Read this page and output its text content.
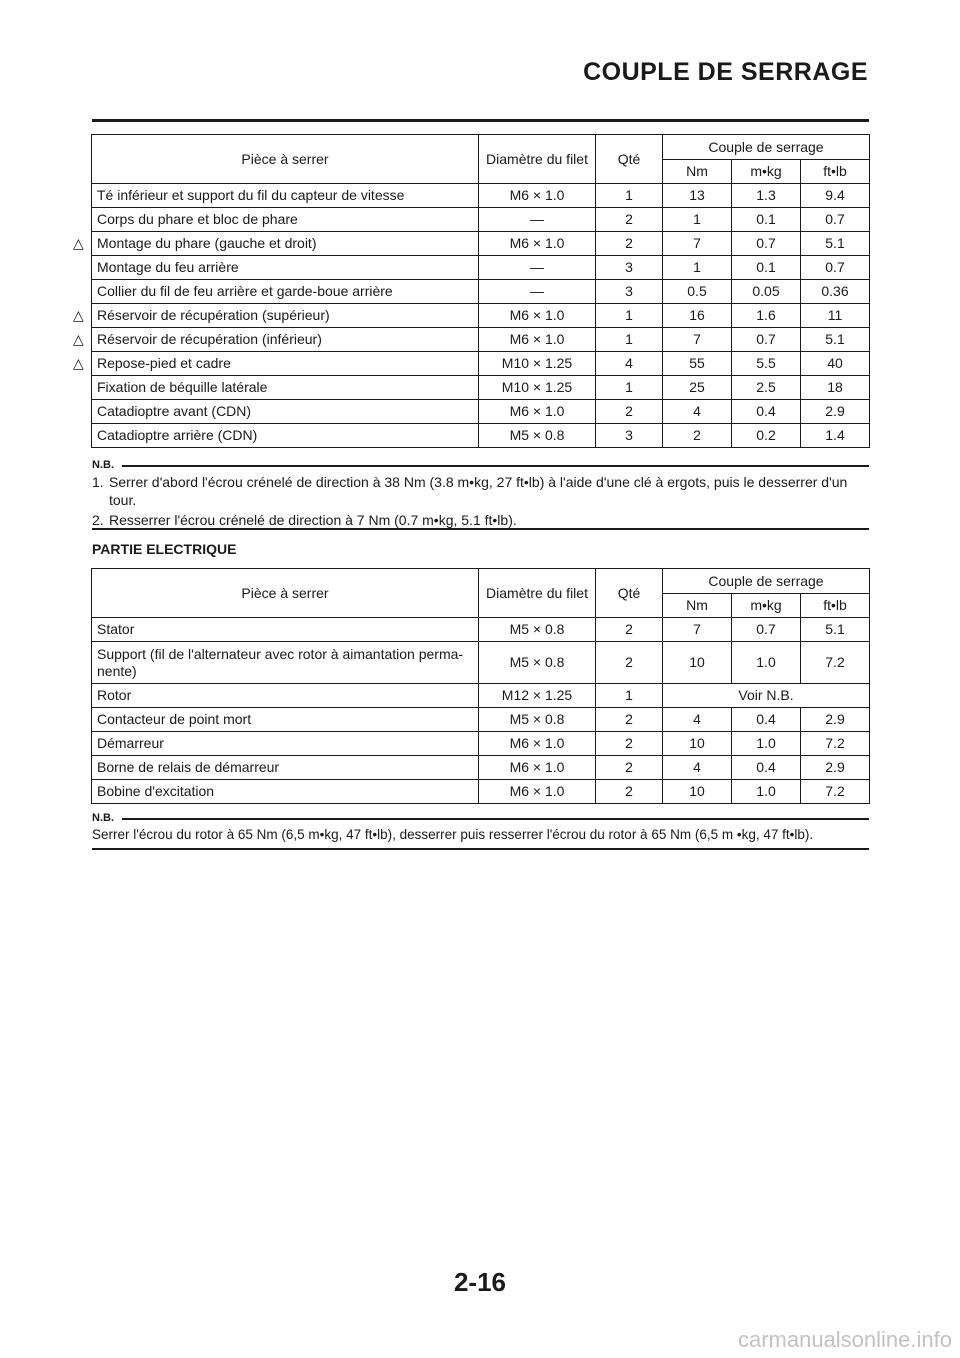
COUPLE DE SERRAGE
Pièce à serrer	Diamètre du filet	Qté	Couple de serrage		
			Nm	m•kg	ft•lb
Té inférieur et support du fil du capteur de vitesse	M6 × 1.0	1	13	1.3	9.4
Corps du phare et bloc de phare	—	2	1	0.1	0.7
Montage du phare (gauche et droit)	M6 × 1.0	2	7	0.7	5.1
Montage du feu arrière	—	3	1	0.1	0.7
Collier du fil de feu arrière et garde-boue arrière	—	3	0.5	0.05	0.36
Réservoir de récupération (supérieur)	M6 × 1.0	1	16	1.6	11
Réservoir de récupération (inférieur)	M6 × 1.0	1	7	0.7	5.1
Repose-pied et cadre	M10 × 1.25	4	55	5.5	40
Fixation de béquille latérale	M10 × 1.25	1	25	2.5	18
Catadioptre avant (CDN)	M6 × 1.0	2	4	0.4	2.9
Catadioptre arrière (CDN)	M5 × 0.8	3	2	0.2	1.4
△
△
△
△
N.B.
1. Serrer d'abord l'écrou crénelé de direction à 38 Nm (3.8 m•kg, 27 ft•lb) à l'aide d'une clé à ergots, puis le desserrer d'un tour.
2. Resserrer l'écrou crénelé de direction à 7 Nm (0.7 m•kg, 5.1 ft•lb).
PARTIE ELECTRIQUE
Pièce à serrer	Diamètre du filet	Qté	Couple de serrage		
			Nm	m•kg	ft•lb
Stator	M5 × 0.8	2	7	0.7	5.1
Support (fil de l'alternateur avec rotor à aimantation perma-nente)	M5 × 0.8	2	10	1.0	7.2
Rotor	M12 × 1.25	1	Voir N.B.		
Contacteur de point mort	M5 × 0.8	2	4	0.4	2.9
Démarreur	M6 × 1.0	2	10	1.0	7.2
Borne de relais de démarreur	M6 × 1.0	2	4	0.4	2.9
Bobine d'excitation	M6 × 1.0	2	10	1.0	7.2
N.B.
Serrer l'écrou du rotor à 65 Nm (6,5 m•kg, 47 ft•lb), desserrer puis resserrer l'écrou du rotor à 65 Nm (6,5 m •kg, 47 ft•lb).
2-16
carmanualsonline.info
